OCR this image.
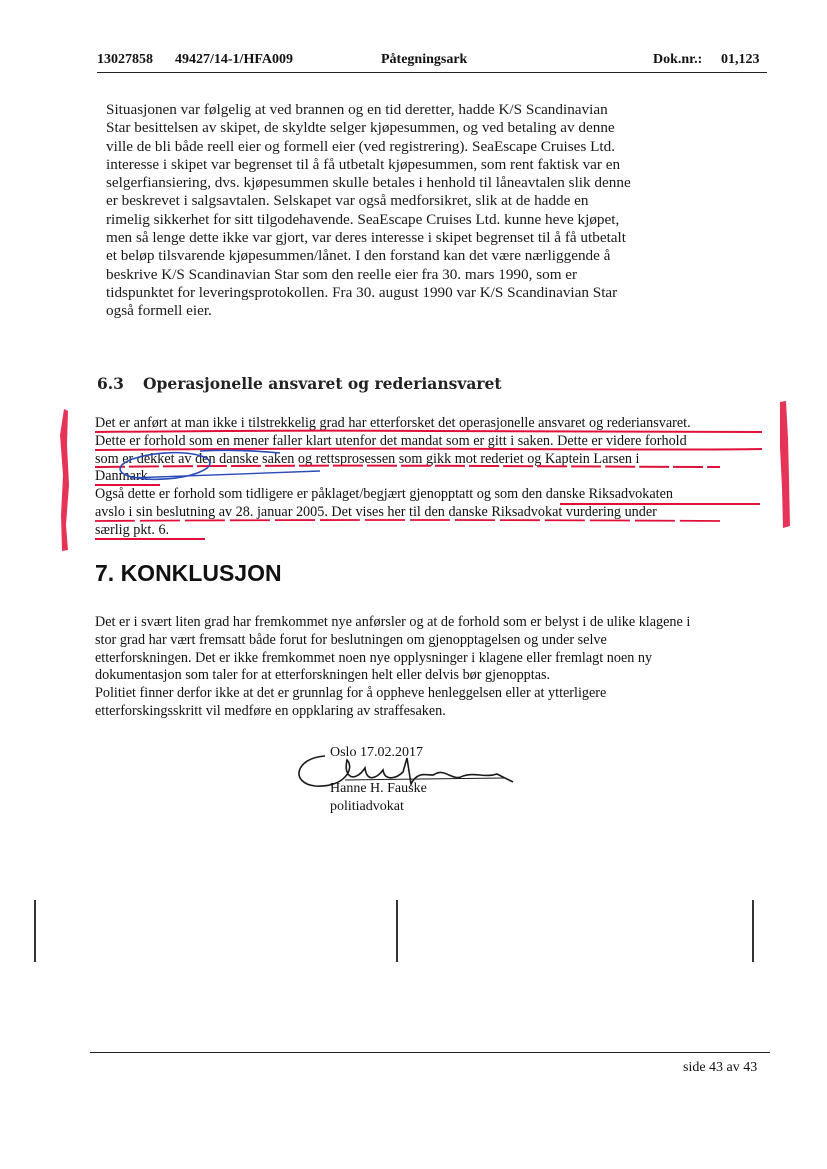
13027858 49427/14-1/HFA009	Påtegningsark	Dok.nr.: 01,123

Situasjonen var følgelig at ved brannen og en tid deretter, hadde K/S Scandinavian

Star besittelsen av skipet, de skyldte selger kjøpesummen, og ved betaling av denne

ville de bli både reell eier og formell eier (ved registrering). SeaEscape Cruises Ltd.

interesse i skipet var begrenset til å få utbetalt kjøpesummen, som rent faktisk var en

selgerfiansiering, dvs. kjøpesummen skulle betales i henhold til låneavtalen slik denne

er beskrevet i salgsavtalen. Selskapet var også medforsikret, slik at de hadde en

rimelig sikkerhet for sitt tilgodehavende. SeaEscape Cruises Ltd. kunne heve kjøpet,

men så lenge dette ikke var gjort, var deres interesse i skipet begrenset til å få utbetalt

et beløp tilsvarende kjøpesummen/lånet. I den forstand kan det være nærliggende å

beskrive K/S Scandinavian Star som den reelle eier fra 30. mars 1990, som er

tidspunktet for leveringsprotokollen. Fra 30. august 1990 var K/S Scandinavian Star

også formell eier.

6.3 Operasjonelle ansvaret og rederiansvaret

Det er anført at man ikke i tilstrekkelig grad har etterforsket det operasjonelle ansvaret og rederiansvaret.

Dette er forhold som en mener faller klart utenfor det mandat som er gitt i saken. Dette er videre forhold

som er dekket av den danske saken og rettsprosessen som gikk mot rederiet og Kaptein Larsen i

Danmark.

Også dette er forhold som tidligere er påklaget/begjært gjenopptatt og som den danske Riksadvokaten

avslo i sin beslutning av 28. januar 2005. Det vises her til den danske Riksadvokat vurdering under

særlig pkt. 6.

7. KONKLUSJON

Det er i svært liten grad har fremkommet nye anførsler og at de forhold som er belyst i de ulike klagene i

stor grad har vært fremsatt både forut for beslutningen om gjenopptagelsen og under selve

etterforskningen. Det er ikke fremkommet noen nye opplysninger i klagene eller fremlagt noen ny

dokumentasjon som taler for at etterforskningen helt eller delvis bør gjenopptas.

Politiet finner derfor ikke at det er grunnlag for å oppheve henleggelsen eller at ytterligere

etterforskingsskritt vil medføre en oppklaring av straffesaken.

Oslo 17.02.2017
Hanne H. Fauske
politiadvokat
side 43 av 43
